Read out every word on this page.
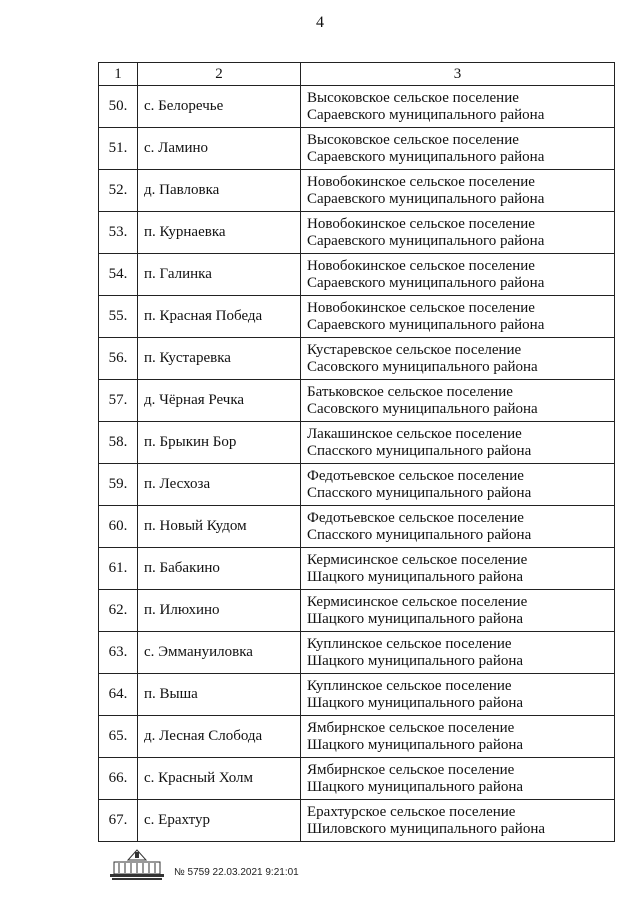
4
1	2	3
50.	с. Белоречье	Высоковское сельское поселение
Сараевского муниципального района

51.	с. Ламино	Высоковское сельское поселение
Сараевского муниципального района

52.	д. Павловка	Новобокинское сельское поселение
Сараевского муниципального района

53.	п. Курнаевка	Новобокинское сельское поселение
Сараевского муниципального района

54.	п. Галинка	Новобокинское сельское поселение
Сараевского муниципального района

55.	п. Красная Победа	Новобокинское сельское поселение
Сараевского муниципального района

56.	п. Кустаревка	Кустаревское сельское поселение
Сасовского муниципального района

57.	д. Чёрная Речка	Батьковское сельское поселение
Сасовского муниципального района

58.	п. Брыкин Бор	Лакашинское сельское поселение
Спасского муниципального района

59.	п. Лесхоза	Федотьевское сельское поселение
Спасского муниципального района

60.	п. Новый Кудом	Федотьевское сельское поселение
Спасского муниципального района

61.	п. Бабакино	Кермисинское сельское поселение
Шацкого муниципального района

62.	п. Илюхино	Кермисинское сельское поселение
Шацкого муниципального района

63.	с. Эммануиловка	Куплинское сельское поселение
Шацкого муниципального района

64.	п. Выша	Куплинское сельское поселение
Шацкого муниципального района

65.	д. Лесная Слобода	Ямбирнское сельское поселение
Шацкого муниципального района

66.	с. Красный Холм	Ямбирнское сельское поселение
Шацкого муниципального района

67.	с. Ерахтур	Ерахтурское сельское поселение
Шиловского муниципального района
№ 5759 22.03.2021 9:21:01
